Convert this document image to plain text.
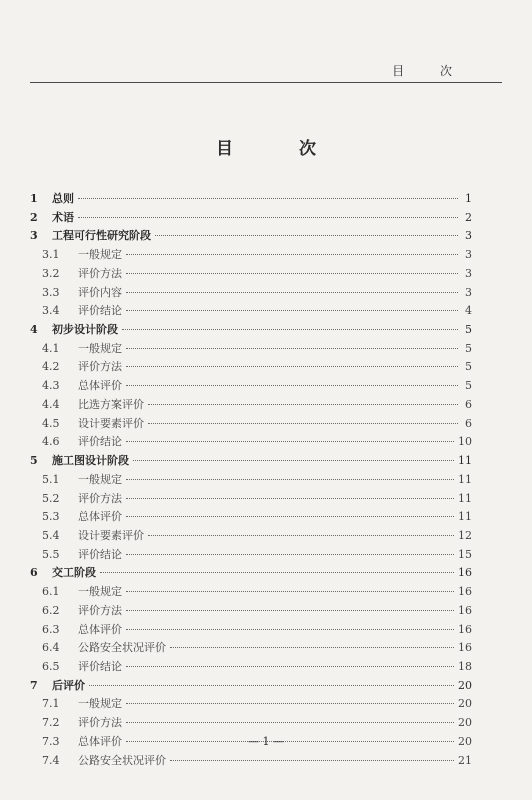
目 次
目 次
1	总则	1
2	术语	2
3	工程可行性研究阶段	3
3.1	一般规定	3
3.2	评价方法	3
3.3	评价内容	3
3.4	评价结论	4
4	初步设计阶段	5
4.1	一般规定	5
4.2	评价方法	5
4.3	总体评价	5
4.4	比选方案评价	6
4.5	设计要素评价	6
4.6	评价结论	10
5	施工图设计阶段	11
5.1	一般规定	11
5.2	评价方法	11
5.3	总体评价	11
5.4	设计要素评价	12
5.5	评价结论	15
6	交工阶段	16
6.1	一般规定	16
6.2	评价方法	16
6.3	总体评价	16
6.4	公路安全状况评价	16
6.5	评价结论	18
7	后评价	20
7.1	一般规定	20
7.2	评价方法	20
7.3	总体评价	20
7.4	公路安全状况评价	21
— 1 —
